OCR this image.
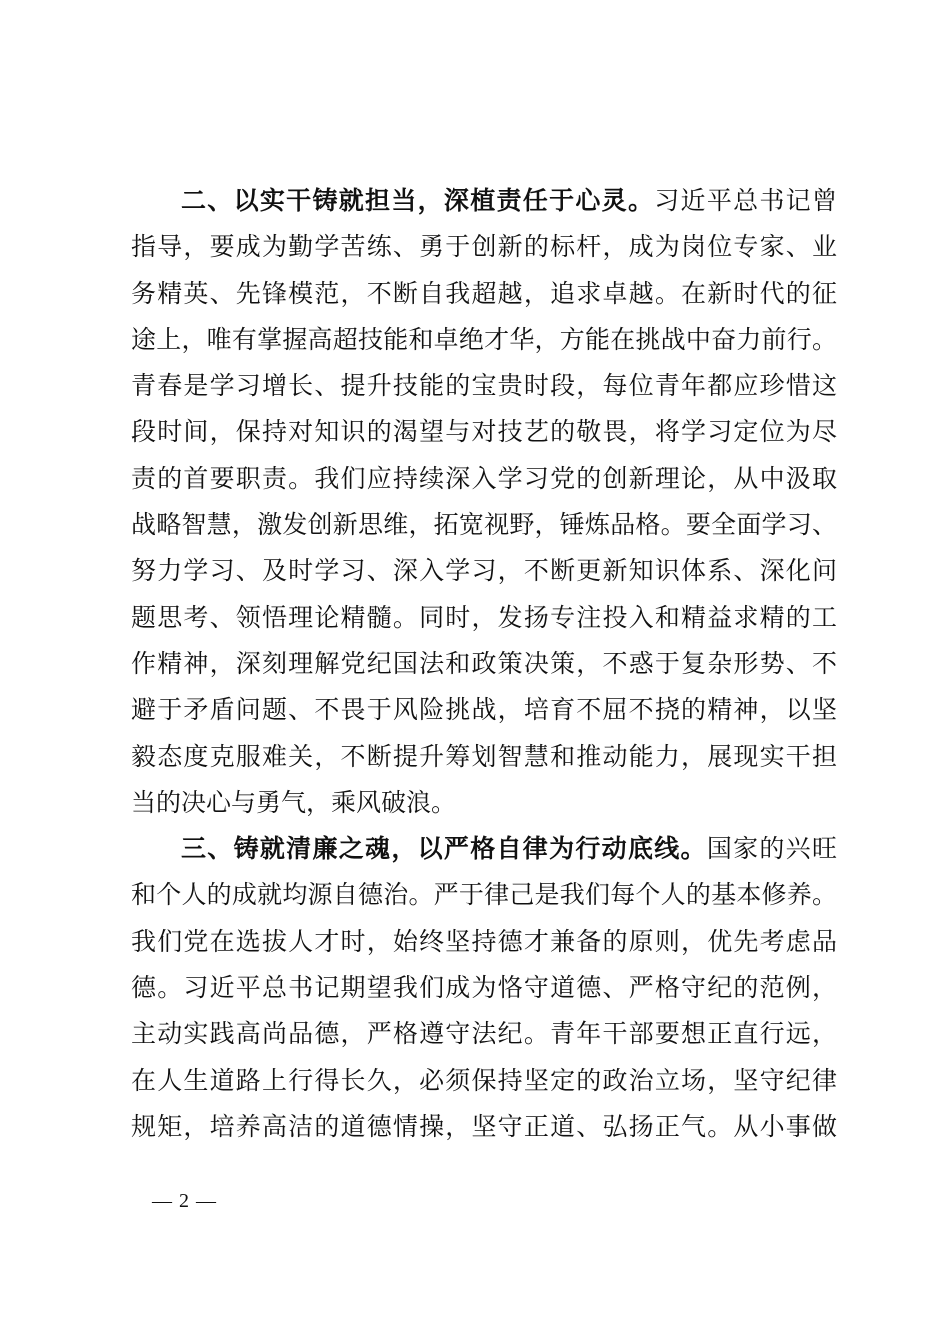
二、以实干铸就担当，深植责任于心灵。习近平总书记曾
指导，要成为勤学苦练、勇于创新的标杆，成为岗位专家、业
务精英、先锋模范，不断自我超越，追求卓越。在新时代的征
途上，唯有掌握高超技能和卓绝才华，方能在挑战中奋力前行。
青春是学习增长、提升技能的宝贵时段，每位青年都应珍惜这
段时间，保持对知识的渴望与对技艺的敬畏，将学习定位为尽
责的首要职责。我们应持续深入学习党的创新理论，从中汲取
战略智慧，激发创新思维，拓宽视野，锤炼品格。要全面学习、
努力学习、及时学习、深入学习，不断更新知识体系、深化问
题思考、领悟理论精髓。同时，发扬专注投入和精益求精的工
作精神，深刻理解党纪国法和政策决策，不惑于复杂形势、不
避于矛盾问题、不畏于风险挑战，培育不屈不挠的精神，以坚
毅态度克服难关，不断提升筹划智慧和推动能力，展现实干担
当的决心与勇气，乘风破浪。
三、铸就清廉之魂，以严格自律为行动底线。国家的兴旺
和个人的成就均源自德治。严于律己是我们每个人的基本修养。
我们党在选拔人才时，始终坚持德才兼备的原则，优先考虑品
德。习近平总书记期望我们成为恪守道德、严格守纪的范例，
主动实践高尚品德，严格遵守法纪。青年干部要想正直行远，
在人生道路上行得长久，必须保持坚定的政治立场，坚守纪律
规矩，培养高洁的道德情操，坚守正道、弘扬正气。从小事做
— 2 —
